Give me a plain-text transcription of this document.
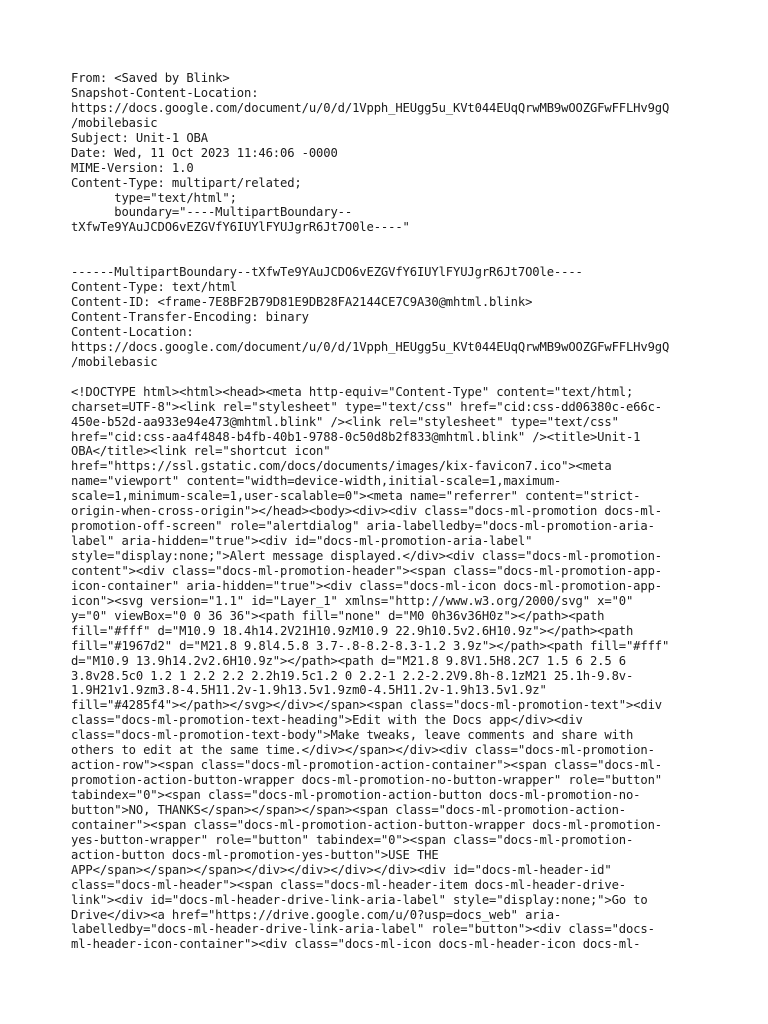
From: <Saved by Blink>
Snapshot-Content-Location:
https://docs.google.com/document/u/0/d/1Vpph_HEUgg5u_KVt044EUqQrwMB9wOOZGFwFFLHv9gQ
/mobilebasic
Subject: Unit-1 OBA
Date: Wed, 11 Oct 2023 11:46:06 -0000
MIME-Version: 1.0
Content-Type: multipart/related;
type="text/html";
boundary="----MultipartBoundary--
tXfwTe9YAuJCDO6vEZGVfY6IUYlFYUJgrR6Jt7O0le----"
------MultipartBoundary--tXfwTe9YAuJCDO6vEZGVfY6IUYlFYUJgrR6Jt7O0le----
Content-Type: text/html
Content-ID: <frame-7E8BF2B79D81E9DB28FA2144CE7C9A30@mhtml.blink>
Content-Transfer-Encoding: binary
Content-Location:
https://docs.google.com/document/u/0/d/1Vpph_HEUgg5u_KVt044EUqQrwMB9wOOZGFwFFLHv9gQ
/mobilebasic
<!DOCTYPE html><html><head><meta http-equiv="Content-Type" content="text/html;
charset=UTF-8"><link rel="stylesheet" type="text/css" href="cid:css-dd06380c-e66c-
450e-b52d-aa933e94e473@mhtml.blink" /><link rel="stylesheet" type="text/css"
href="cid:css-aa4f4848-b4fb-40b1-9788-0c50d8b2f833@mhtml.blink" /><title>Unit-1
OBA</title><link rel="shortcut icon"
href="https://ssl.gstatic.com/docs/documents/images/kix-favicon7.ico"><meta
name="viewport" content="width=device-width,initial-scale=1,maximum-
scale=1,minimum-scale=1,user-scalable=0"><meta name="referrer" content="strict-
origin-when-cross-origin"></head><body><div><div class="docs-ml-promotion docs-ml-
promotion-off-screen" role="alertdialog" aria-labelledby="docs-ml-promotion-aria-
label" aria-hidden="true"><div id="docs-ml-promotion-aria-label"
style="display:none;">Alert message displayed.</div><div class="docs-ml-promotion-
content"><div class="docs-ml-promotion-header"><span class="docs-ml-promotion-app-
icon-container" aria-hidden="true"><div class="docs-ml-icon docs-ml-promotion-app-
icon"><svg version="1.1" id="Layer_1" xmlns="http://www.w3.org/2000/svg" x="0"
y="0" viewBox="0 0 36 36"><path fill="none" d="M0 0h36v36H0z"></path><path
fill="#fff" d="M10.9 18.4h14.2V21H10.9zM10.9 22.9h10.5v2.6H10.9z"></path><path
fill="#1967d2" d="M21.8 9.8l4.5.8 3.7-.8-8.2-8.3-1.2 3.9z"></path><path fill="#fff"
d="M10.9 13.9h14.2v2.6H10.9z"></path><path d="M21.8 9.8V1.5H8.2C7 1.5 6 2.5 6
3.8v28.5c0 1.2 1 2.2 2.2 2.2h19.5c1.2 0 2.2-1 2.2-2.2V9.8h-8.1zM21 25.1h-9.8v-
1.9H21v1.9zm3.8-4.5H11.2v-1.9h13.5v1.9zm0-4.5H11.2v-1.9h13.5v1.9z"
fill="#4285f4"></path></svg></div></span><span class="docs-ml-promotion-text"><div
class="docs-ml-promotion-text-heading">Edit with the Docs app</div><div
class="docs-ml-promotion-text-body">Make tweaks, leave comments and share with
others to edit at the same time.</div></span></div><div class="docs-ml-promotion-
action-row"><span class="docs-ml-promotion-action-container"><span class="docs-ml-
promotion-action-button-wrapper docs-ml-promotion-no-button-wrapper" role="button"
tabindex="0"><span class="docs-ml-promotion-action-button docs-ml-promotion-no-
button">NO, THANKS</span></span></span><span class="docs-ml-promotion-action-
container"><span class="docs-ml-promotion-action-button-wrapper docs-ml-promotion-
yes-button-wrapper" role="button" tabindex="0"><span class="docs-ml-promotion-
action-button docs-ml-promotion-yes-button">USE THE
APP</span></span></span></div></div></div></div><div id="docs-ml-header-id"
class="docs-ml-header"><span class="docs-ml-header-item docs-ml-header-drive-
link"><div id="docs-ml-header-drive-link-aria-label" style="display:none;">Go to
Drive</div><a href="https://drive.google.com/u/0?usp=docs_web" aria-
labelledby="docs-ml-header-drive-link-aria-label" role="button"><div class="docs-
ml-header-icon-container"><div class="docs-ml-icon docs-ml-header-icon docs-ml-
